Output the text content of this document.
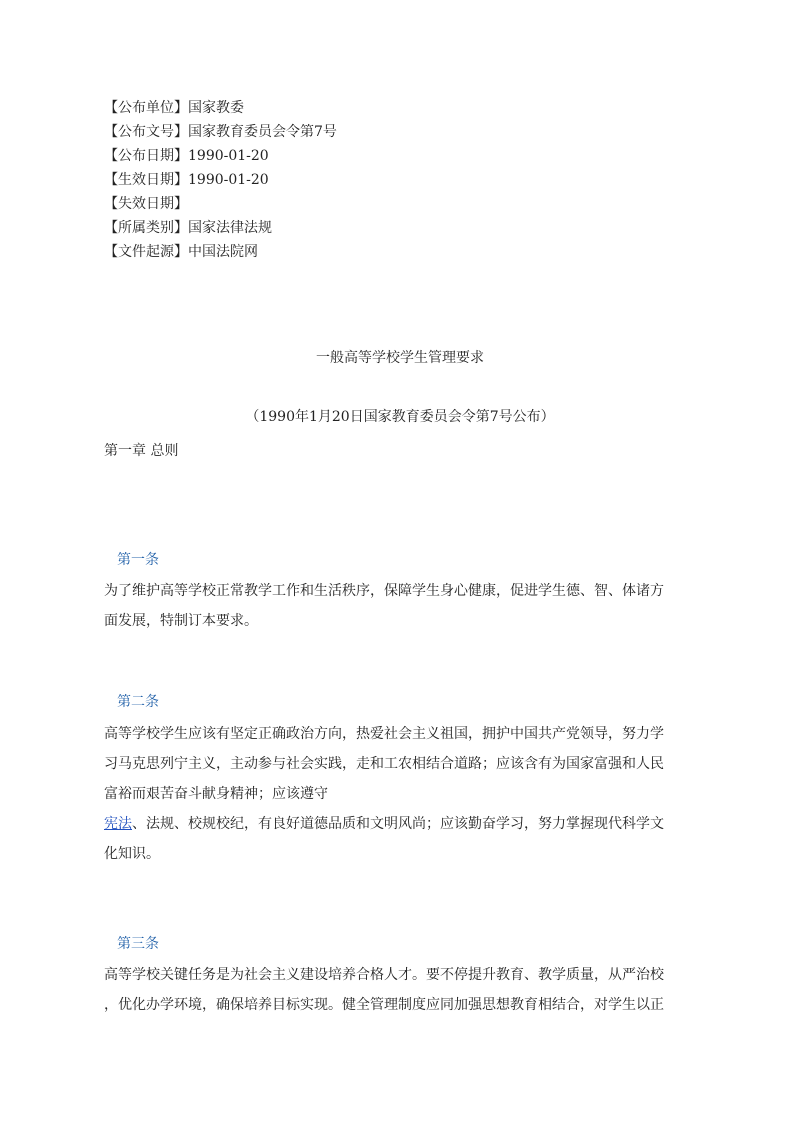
【公布单位】国家教委
【公布文号】国家教育委员会令第7号
【公布日期】1990-01-20
【生效日期】1990-01-20
【失效日期】
【所属类别】国家法律法规
【文件起源】中国法院网
一般高等学校学生管理要求
（1990年1月20日国家教育委员会令第7号公布）
第一章 总则
第一条
为了维护高等学校正常教学工作和生活秩序，保障学生身心健康，促进学生德、智、体诸方
面发展，特制订本要求。
第二条
高等学校学生应该有坚定正确政治方向，热爱社会主义祖国，拥护中国共产党领导，努力学
习马克思列宁主义，主动参与社会实践，走和工农相结合道路；应该含有为国家富强和人民
富裕而艰苦奋斗献身精神；应该遵守
宪法、法规、校规校纪，有良好道德品质和文明风尚；应该勤奋学习，努力掌握现代科学文
化知识。
第三条
高等学校关键任务是为社会主义建设培养合格人才。要不停提升教育、教学质量，从严治校
，优化办学环境，确保培养目标实现。健全管理制度应同加强思想教育相结合，对学生以正
